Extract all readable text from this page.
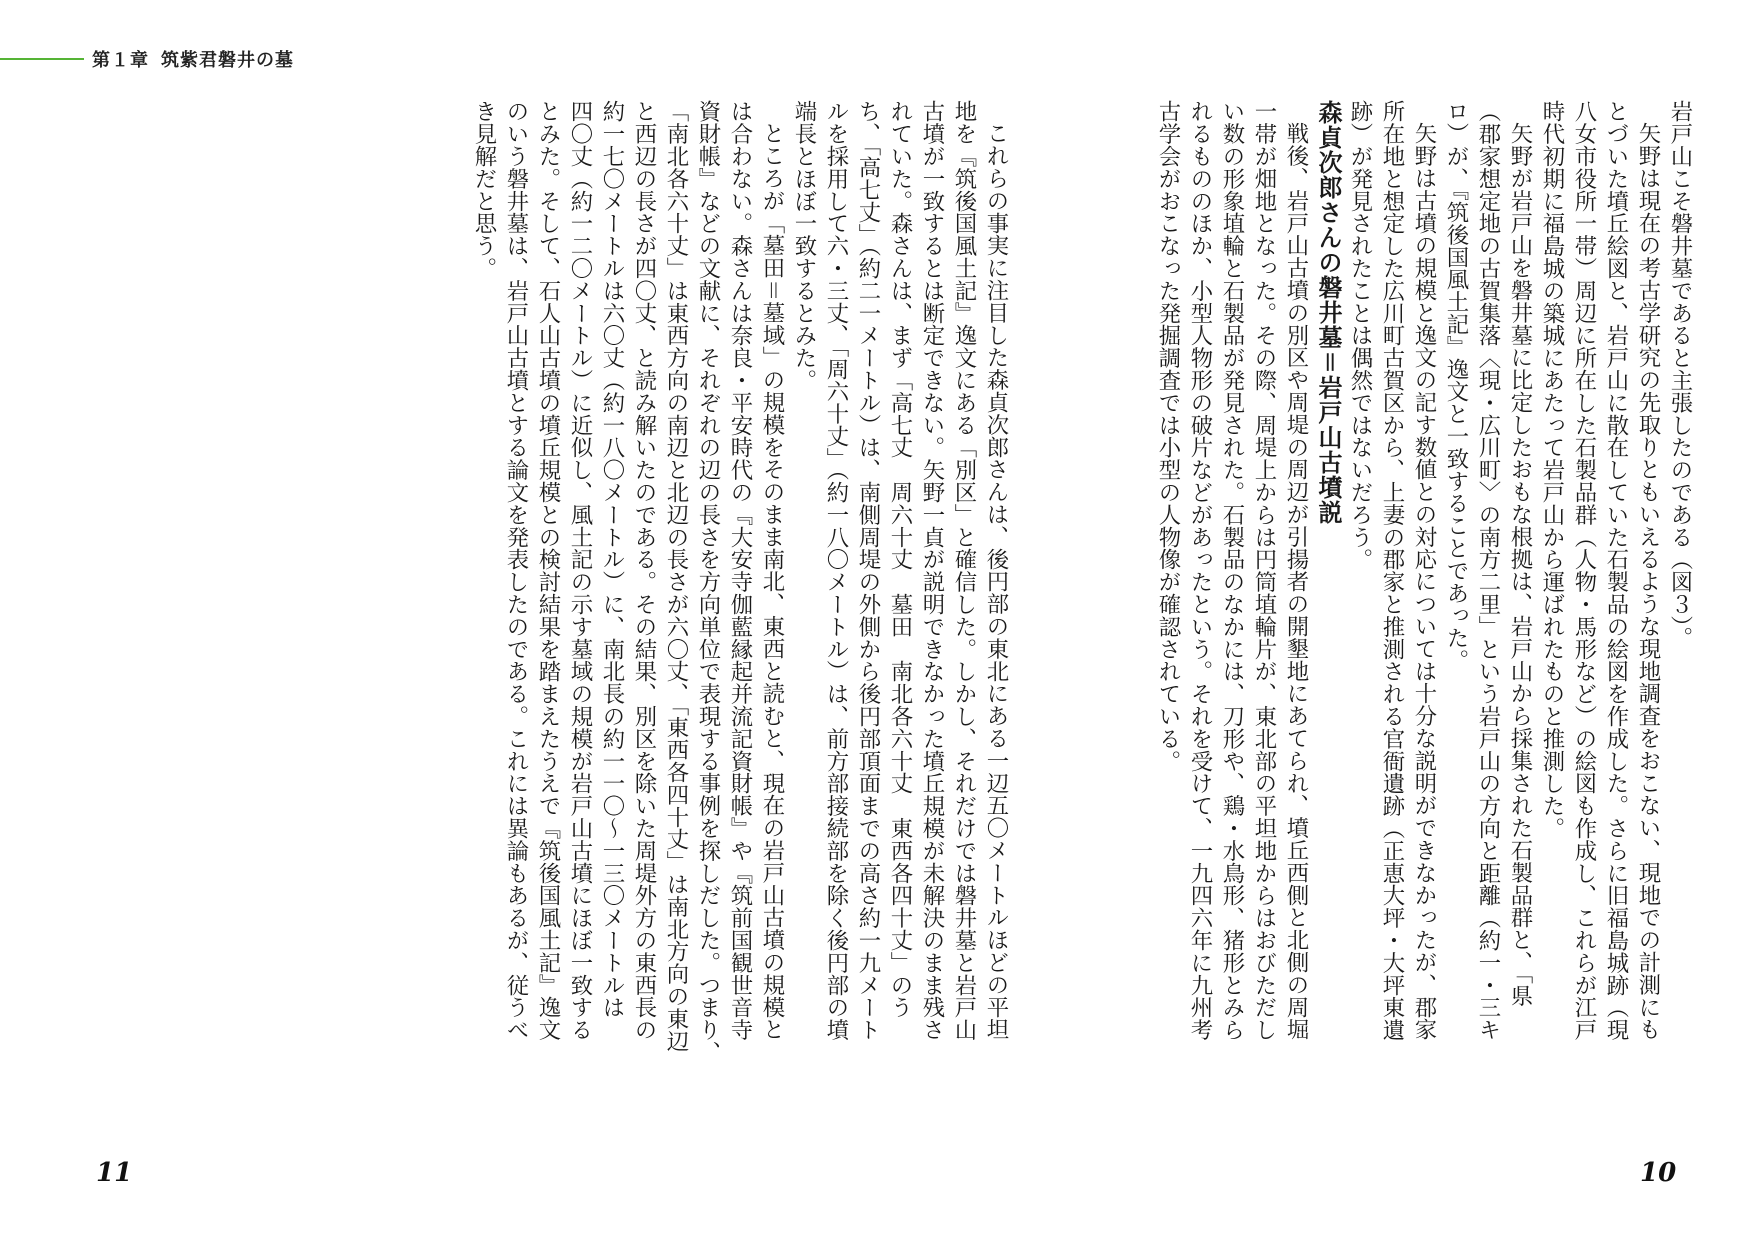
第１章 筑紫君磐井の墓
岩戸山こそ磐井墓であると主張したのである（図３）。
矢野は現在の考古学研究の先取りともいえるような現地調査をおこない、現地での計測にも
とづいた墳丘絵図と、岩戸山に散在していた石製品の絵図を作成した。さらに旧福島城跡（現
八女市役所一帯）周辺に所在した石製品群（人物・馬形など）の絵図も作成し、これらが江戸
時代初期に福島城の築城にあたって岩戸山から運ばれたものと推測した。
矢野が岩戸山を磐井墓に比定したおもな根拠は、岩戸山から採集された石製品群と、「県
（郡家想定地の古賀集落〈現・広川町〉の南方二里」という岩戸山の方向と距離（約一・三キ
ロ）が、『筑後国風土記』逸文と一致することであった。
矢野は古墳の規模と逸文の記す数値との対応については十分な説明ができなかったが、郡家
所在地と想定した広川町古賀区から、上妻の郡家と推測される官衙遺跡（正恵大坪・大坪東遺
跡）が発見されたことは偶然ではないだろう。
森貞次郎さんの磐井墓＝岩戸山古墳説
戦後、岩戸山古墳の別区や周堤の周辺が引揚者の開墾地にあてられ、墳丘西側と北側の周堀
一帯が畑地となった。その際、周堤上からは円筒埴輪片が、東北部の平坦地からはおびただし
い数の形象埴輪と石製品が発見された。石製品のなかには、刀形や、鶏・水鳥形、猪形とみら
れるもののほか、小型人物形の破片などがあったという。それを受けて、一九四六年に九州考
古学会がおこなった発掘調査では小型の人物像が確認されている。
これらの事実に注目した森貞次郎さんは、後円部の東北にある一辺五〇メートルほどの平坦
地を『筑後国風土記』逸文にある「別区」と確信した。しかし、それだけでは磐井墓と岩戸山
古墳が一致するとは断定できない。矢野一貞が説明できなかった墳丘規模が未解決のまま残さ
れていた。森さんは、まず「高七丈　周六十丈　墓田　南北各六十丈　東西各四十丈」のう
ち、「高七丈」（約二一メートル）は、南側周堤の外側から後円部頂面までの高さ約一九メート
ルを採用して六・三丈、「周六十丈」（約一八〇メートル）は、前方部接続部を除く後円部の墳
端長とほぼ一致するとみた。
ところが「墓田＝墓域」の規模をそのまま南北、東西と読むと、現在の岩戸山古墳の規模と
は合わない。森さんは奈良・平安時代の『大安寺伽藍縁起并流記資財帳』や『筑前国観世音寺
資財帳』などの文献に、それぞれの辺の長さを方向単位で表現する事例を探しだした。つまり、
「南北各六十丈」は東西方向の南辺と北辺の長さが六〇丈、「東西各四十丈」は南北方向の東辺
と西辺の長さが四〇丈、と読み解いたのである。その結果、別区を除いた周堤外方の東西長の
約一七〇メートルは六〇丈（約一八〇メートル）に、南北長の約一一〇〜一三〇メートルは
四〇丈（約一二〇メートル）に近似し、風土記の示す墓域の規模が岩戸山古墳にほぼ一致する
とみた。そして、石人山古墳の墳丘規模との検討結果を踏まえたうえで『筑後国風土記』逸文
のいう磐井墓は、岩戸山古墳とする論文を発表したのである。これには異論もあるが、従うべ
き見解だと思う。
11	10
